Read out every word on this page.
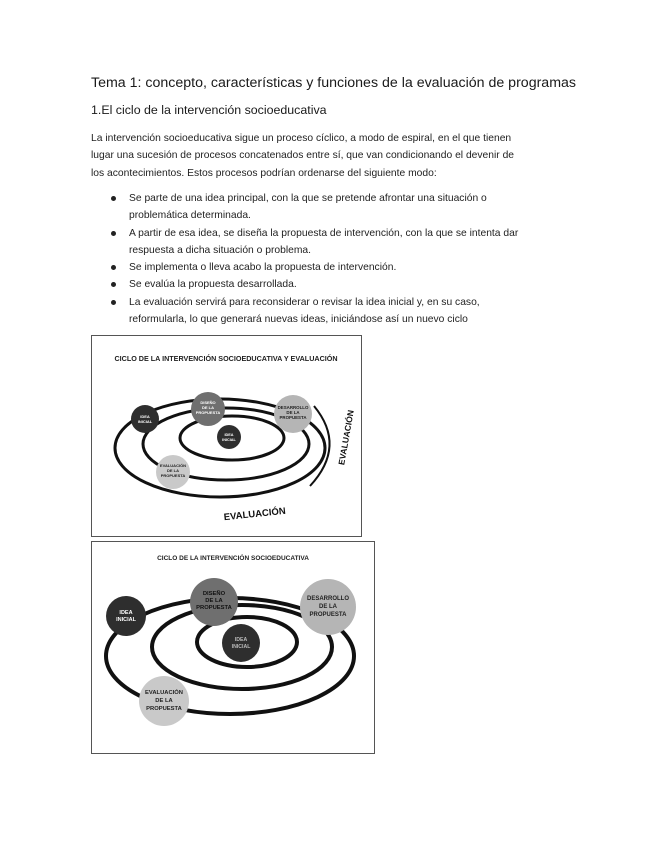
Tema 1: concepto, características y funciones de la evaluación de programas
1.El ciclo de la intervención socioeducativa

La intervención socioeducativa sigue un proceso cíclico, a modo de espiral, en el que tienen
lugar una sucesión de procesos concatenados entre sí, que van condicionando el devenir de
los acontecimientos. Estos procesos podrían ordenarse del siguiente modo:

Se parte de una idea principal, con la que se pretende afrontar una situación o
problemática determinada.
A partir de esa idea, se diseña la propuesta de intervención, con la que se intenta dar
respuesta a dicha situación o problema.
Se implementa o lleva acabo la propuesta de intervención.
Se evalúa la propuesta desarrollada.
La evaluación servirá para reconsiderar o revisar la idea inicial y, en su caso,
reformularla, lo que generará nuevas ideas, iniciándose así un nuevo ciclo
CICLO DE LA INTERVENCIÓN SOCIOEDUCATIVA Y EVALUACIÓN
IDEA
INICIAL
DISEÑO
DE LA
PROPUESTA
DESARROLLO
DE LA
PROPUESTA
IDEA
INICIAL
EVALUACIÓN
DE LA
PROPUESTA
EVALUACIÓN
EVALUACIÓN
CICLO DE LA INTERVENCIÓN SOCIOEDUCATIVA
IDEA
INICIAL
DISEÑO
DE LA
PROPUESTA
DESARROLLO
DE LA
PROPUESTA
IDEA
INICIAL
EVALUACIÓN
DE LA
PROPUESTA
